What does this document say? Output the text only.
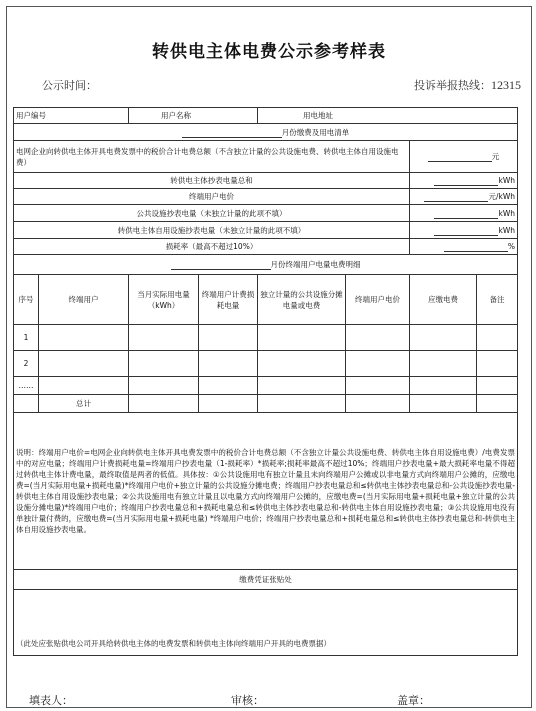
转供电主体电费公示参考样表
公示时间：	投诉举报热线：12315
用户编号		用户名称		用电地址			
月份缴费及用电清单							
电网企业向转供电主体开具电费发票中的税价合计电费总额（不含独立计量的公共设施电费、转供电主体自用设施电费）						元	
转供电主体抄表电量总和						kWh	
终端用户电价						元/kWh	
公共设施抄表电量（未独立计量的此项不填）						kWh	
转供电主体自用设施抄表电量（未独立计量的此项不填）						kWh	
损耗率（最高不超过10%）						%	
月份终端用户电量电费明细							
序号	终端用户	当月实际用电量（kWh）	终端用户计费损耗电量	独立计量的公共设施分摊电量或电费	终端用户电价	应缴电费	备注
1							
2							
……							
	总计						
说明：终端用户电价=电网企业向转供电主体开具电费发票中的税价合计电费总额（不含独立计量公共设施电费、转供电主体自用设施电费）/电费发票中的对应电量；终端用户计费损耗电量=终端用户抄表电量（1-损耗率）*损耗率;损耗率最高不超过10%；终端用户抄表电量+最大损耗率电量不得超过转供电主体计费电量，最终取值是两者的低值。具体按：①公共设施用电有独立计量且未向终端用户公摊或以非电量方式向终端用户公摊的，应缴电费=(当月实际用电量+损耗电量)*终端用户电价+独立计量的公共设施分摊电费；终端用户抄表电量总和≤转供电主体抄表电量总和-公共设施抄表电量-转供电主体自用设施抄表电量；②公共设施用电有独立计量且以电量方式向终端用户公摊的，应缴电费=(当月实际用电量+损耗电量+独立计量的公共设施分摊电量)*终端用户电价；终端用户抄表电量总和+损耗电量总和≤转供电主体抄表电量总和-转供电主体自用设施抄表电量；③公共设施用电没有单独计量付费的，应缴电费=(当月实际用电量+损耗电量) *终端用户电价；终端用户抄表电量总和+损耗电量总和≤转供电主体抄表电量总和-转供电主体自用设施抄表电量。							
缴费凭证张贴处							
（此处应张贴供电公司开具给转供电主体的电费发票和转供电主体向终端用户开具的电费票据）							
填表人：	审核：	盖章：
